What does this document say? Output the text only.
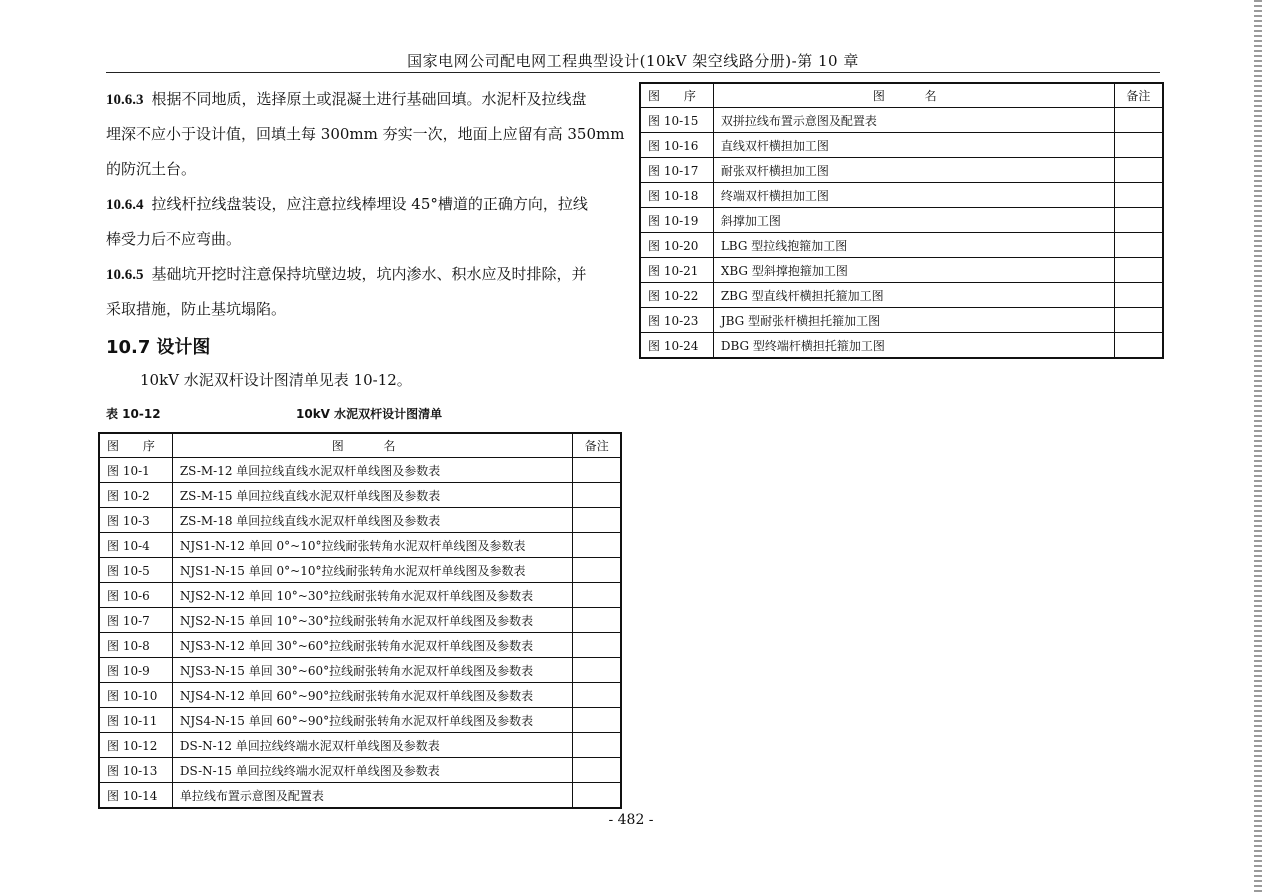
国家电网公司配电网工程典型设计(10kV 架空线路分册)-第 10 章
10.6.3 根据不同地质，选择原土或混凝土进行基础回填。水泥杆及拉线盘
埋深不应小于设计值，回填土每 300mm 夯实一次，地面上应留有高 350mm
的防沉土台。
10.6.4 拉线杆拉线盘装设，应注意拉线棒埋设 45°槽道的正确方向，拉线
棒受力后不应弯曲。
10.6.5 基础坑开挖时注意保持坑壁边坡，坑内渗水、积水应及时排除，并
采取措施，防止基坑塌陷。
10.7 设计图
10kV 水泥双杆设计图清单见表 10-12。
表 10-12	10kV 水泥双杆设计图清单
图 序	图 名	备注
图 10-1	ZS-M-12 单回拉线直线水泥双杆单线图及参数表	
图 10-2	ZS-M-15 单回拉线直线水泥双杆单线图及参数表	
图 10-3	ZS-M-18 单回拉线直线水泥双杆单线图及参数表	
图 10-4	NJS1-N-12 单回 0°~10°拉线耐张转角水泥双杆单线图及参数表	
图 10-5	NJS1-N-15 单回 0°~10°拉线耐张转角水泥双杆单线图及参数表	
图 10-6	NJS2-N-12 单回 10°~30°拉线耐张转角水泥双杆单线图及参数表	
图 10-7	NJS2-N-15 单回 10°~30°拉线耐张转角水泥双杆单线图及参数表	
图 10-8	NJS3-N-12 单回 30°~60°拉线耐张转角水泥双杆单线图及参数表	
图 10-9	NJS3-N-15 单回 30°~60°拉线耐张转角水泥双杆单线图及参数表	
图 10-10	NJS4-N-12 单回 60°~90°拉线耐张转角水泥双杆单线图及参数表	
图 10-11	NJS4-N-15 单回 60°~90°拉线耐张转角水泥双杆单线图及参数表	
图 10-12	DS-N-12 单回拉线终端水泥双杆单线图及参数表	
图 10-13	DS-N-15 单回拉线终端水泥双杆单线图及参数表	
图 10-14	单拉线布置示意图及配置表	
图 序	图 名	备注
图 10-15	双拼拉线布置示意图及配置表	
图 10-16	直线双杆横担加工图	
图 10-17	耐张双杆横担加工图	
图 10-18	终端双杆横担加工图	
图 10-19	斜撑加工图	
图 10-20	LBG 型拉线抱箍加工图	
图 10-21	XBG 型斜撑抱箍加工图	
图 10-22	ZBG 型直线杆横担托箍加工图	
图 10-23	JBG 型耐张杆横担托箍加工图	
图 10-24	DBG 型终端杆横担托箍加工图	
- 482 -
